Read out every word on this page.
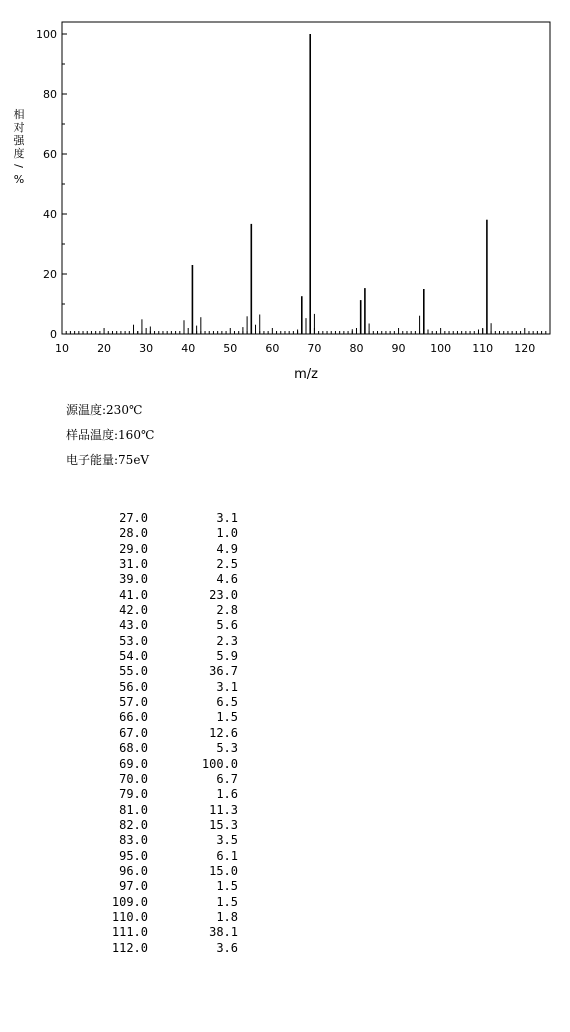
10	20	30	40	50	60	70	80	90 100 110 120
0
20
40
60
80
100
m/z
相
对
强
度
/
%
源温度:230℃
样品温度:160℃
电子能量:75eV
27.0	3.1
28.0	1.0
29.0	4.9
31.0	2.5
39.0	4.6
41.0	23.0
42.0	2.8
43.0	5.6
53.0	2.3
54.0	5.9
55.0	36.7
56.0	3.1
57.0	6.5
66.0	1.5
67.0	12.6
68.0	5.3
69.0	100.0
70.0	6.7
79.0	1.6
81.0	11.3
82.0	15.3
83.0	3.5
95.0	6.1
96.0	15.0
97.0	1.5
109.0	1.5
110.0	1.8
111.0	38.1
112.0	3.6
